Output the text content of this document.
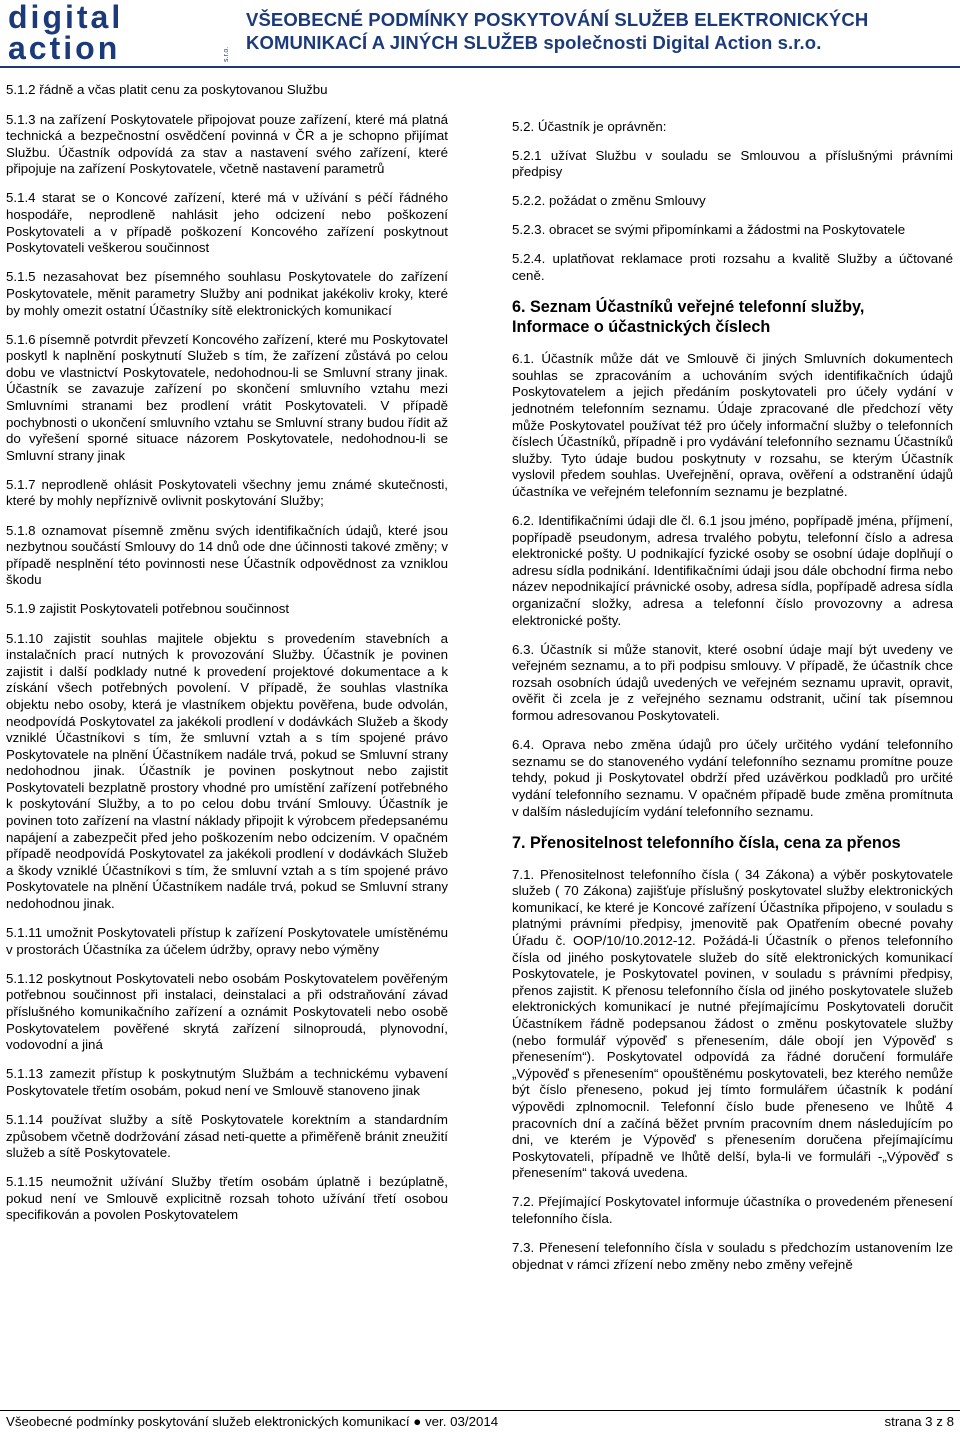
digital
action	s.r.o.
VŠEOBECNÉ PODMÍNKY POSKYTOVÁNÍ SLUŽEB ELEKTRONICKÝCH
KOMUNIKACÍ A JINÝCH SLUŽEB společnosti Digital Action s.r.o.

5.1.2 řádně a včas platit cenu za poskytovanou Službu

5.1.3 na zařízení Poskytovatele připojovat pouze zařízení, které má platná technická a bezpečnostní osvědčení povinná v ČR a je schopno přijímat Službu. Účastník odpovídá za stav a nastavení svého zařízení, které připojuje na zařízení Poskytovatele, včetně nastavení parametrů

5.1.4 starat se o Koncové zařízení, které má v užívání s péčí řádného hospodáře, neprodleně nahlásit jeho odcizení nebo poškození Poskytovateli a v případě poškození Koncového zařízení poskytnout Poskytovateli veškerou součinnost

5.1.5 nezasahovat bez písemného souhlasu Poskytovatele do zařízení Poskytovatele, měnit parametry Služby ani podnikat jakékoliv kroky, které by mohly omezit ostatní Účastníky sítě elektronických komunikací

5.1.6 písemně potvrdit převzetí Koncového zařízení, které mu Poskytovatel poskytl k naplnění poskytnutí Služeb s tím, že zařízení zůstává po celou dobu ve vlastnictví Poskytovatele, nedohodnou-li se Smluvní strany jinak. Účastník se zavazuje zařízení po skončení smluvního vztahu mezi Smluvními stranami bez prodlení vrátit Poskytovateli. V případě pochybnosti o ukončení smluvního vztahu se Smluvní strany budou řídit až do vyřešení sporné situace názorem Poskytovatele, nedohodnou-li se Smluvní strany jinak

5.1.7 neprodleně ohlásit Poskytovateli všechny jemu známé skutečnosti, které by mohly nepříznivě ovlivnit poskytování Služby;

5.1.8 oznamovat písemně změnu svých identifikačních údajů, které jsou nezbytnou součástí Smlouvy do 14 dnů ode dne účinnosti takové změny; v případě nesplnění této povinnosti nese Účastník odpovědnost za vzniklou škodu

5.1.9 zajistit Poskytovateli potřebnou součinnost

5.1.10 zajistit souhlas majitele objektu s provedením stavebních a instalačních prací nutných k provozování Služby. Účastník je povinen zajistit i další podklady nutné k provedení projektové dokumentace a k získání všech potřebných povolení. V případě, že souhlas vlastníka objektu nebo osoby, která je vlastníkem objektu pověřena, bude odvolán, neodpovídá Poskytovatel za jakékoli prodlení v dodávkách Služeb a škody vzniklé Účastníkovi s tím, že smluvní vztah a s tím spojené právo Poskytovatele na plnění Účastníkem nadále trvá, pokud se Smluvní strany nedohodnou jinak. Účastník je povinen poskytnout nebo zajistit Poskytovateli bezplatně prostory vhodné pro umístění zařízení potřebného k poskytování Služby, a to po celou dobu trvání Smlouvy. Účastník je povinen toto zařízení na vlastní náklady připojit k výrobcem předepsanému napájení a zabezpečit před jeho poškozením nebo odcizením. V opačném případě neodpovídá Poskytovatel za jakékoli prodlení v dodávkách Služeb a škody vzniklé Účastníkovi s tím, že smluvní vztah a s tím spojené právo Poskytovatele na plnění Účastníkem nadále trvá, pokud se Smluvní strany nedohodnou jinak.

5.1.11 umožnit Poskytovateli přístup k zařízení Poskytovatele umístěnému v prostorách Účastníka za účelem údržby, opravy nebo výměny

5.1.12 poskytnout Poskytovateli nebo osobám Poskytovatelem pověřeným potřebnou součinnost při instalaci, deinstalaci a při odstraňování závad příslušného komunikačního zařízení a oznámit Poskytovateli nebo osobě Poskytovatelem pověřené skrytá zařízení silnoproudá, plynovodní, vodovodní a jiná

5.1.13 zamezit přístup k poskytnutým Službám a technickému vybavení Poskytovatele třetím osobám, pokud není ve Smlouvě stanoveno jinak

5.1.14 používat služby a sítě Poskytovatele korektním a standardním způsobem včetně dodržování zásad neti-quette a přiměřeně bránit zneužití služeb a sítě Poskytovatele.

5.1.15 neumožnit užívání Služby třetím osobám úplatně i bezúplatně, pokud není ve Smlouvě explicitně rozsah tohoto užívání třetí osobou specifikován a povolen Poskytovatelem

5.2. Účastník je oprávněn:

5.2.1 užívat Službu v souladu se Smlouvou a příslušnými právními předpisy

5.2.2. požádat o změnu Smlouvy

5.2.3. obracet se svými připomínkami a žádostmi na Poskytovatele

5.2.4. uplatňovat reklamace proti rozsahu a kvalitě Služby a účtované ceně.

6. Seznam Účastníků veřejné telefonní služby,
Informace o účastnických číslech

6.1. Účastník může dát ve Smlouvě či jiných Smluvních dokumentech souhlas se zpracováním a uchováním svých identifikačních údajů Poskytovatelem a jejich předáním poskytovateli pro účely vydání v jednotném telefonním seznamu. Údaje zpracované dle předchozí věty může Poskytovatel používat též pro účely informační služby o telefonních číslech Účastníků, případně i pro vydávání telefonního seznamu Účastníků služby. Tyto údaje budou poskytnuty v rozsahu, se kterým Účastník vyslovil předem souhlas. Uveřejnění, oprava, ověření a odstranění údajů účastníka ve veřejném telefonním seznamu je bezplatné.

6.2. Identifikačními údaji dle čl. 6.1 jsou jméno, popřípadě jména, příjmení, popřípadě pseudonym, adresa trvalého pobytu, telefonní číslo a adresa elektronické pošty. U podnikající fyzické osoby se osobní údaje doplňují o adresu sídla podnikání. Identifikačními údaji jsou dále obchodní firma nebo název nepodnikající právnické osoby, adresa sídla, popřípadě adresa sídla organizační složky, adresa a telefonní číslo provozovny a adresa elektronické pošty.

6.3. Účastník si může stanovit, které osobní údaje mají být uvedeny ve veřejném seznamu, a to při podpisu smlouvy. V případě, že účastník chce rozsah osobních údajů uvedených ve veřejném seznamu upravit, opravit, ověřit či zcela je z veřejného seznamu odstranit, učiní tak písemnou formou adresovanou Poskytovateli.

6.4. Oprava nebo změna údajů pro účely určitého vydání telefonního seznamu se do stanoveného vydání telefonního seznamu promítne pouze tehdy, pokud ji Poskytovatel obdrží před uzávěrkou podkladů pro určité vydání telefonního seznamu. V opačném případě bude změna promítnuta v dalším následujícím vydání telefonního seznamu.

7. Přenositelnost telefonního čísla, cena za přenos

7.1. Přenositelnost telefonního čísla ( 34 Zákona) a výběr poskytovatele služeb ( 70 Zákona) zajišťuje příslušný poskytovatel služby elektronických komunikací, ke které je Koncové zařízení Účastníka připojeno, v souladu s platnými právními předpisy, jmenovitě pak Opatřením obecné povahy Úřadu č. OOP/10/10.2012-12. Požádá-li Účastník o přenos telefonního čísla od jiného poskytovatele služeb do sítě elektronických komunikací Poskytovatele, je Poskytovatel povinen, v souladu s právními předpisy, přenos zajistit. K přenosu telefonního čísla od jiného poskytovatele služeb elektronických komunikací je nutné přejímajícímu Poskytovateli doručit Účastníkem řádně podepsanou žádost o změnu poskytovatele služby (nebo formulář výpověď s přenesením, dále obojí jen Výpověď s přenesením“). Poskytovatel odpovídá za řádné doručení formuláře „Výpověď s přenesením“ opouštěnému poskytovateli, bez kterého nemůže být číslo přeneseno, pokud jej tímto formulářem účastník k podání výpovědi zplnomocnil. Telefonní číslo bude přeneseno ve lhůtě 4 pracovních dní a začíná běžet prvním pracovním dnem následujícím po dni, ve kterém je Výpověď s přenesením doručena přejímajícímu Poskytovateli, případně ve lhůtě delší, byla-li ve formuláři -„Výpověď s přenesením“ taková uvedena.

7.2. Přejímající Poskytovatel informuje účastníka o provedeném přenesení telefonního čísla.

7.3. Přenesení telefonního čísla v souladu s předchozím ustanovením lze objednat v rámci zřízení nebo změny nebo změny veřejně

Všeobecné podmínky poskytování služeb elektronických komunikací ● ver. 03/2014	strana 3 z 8
